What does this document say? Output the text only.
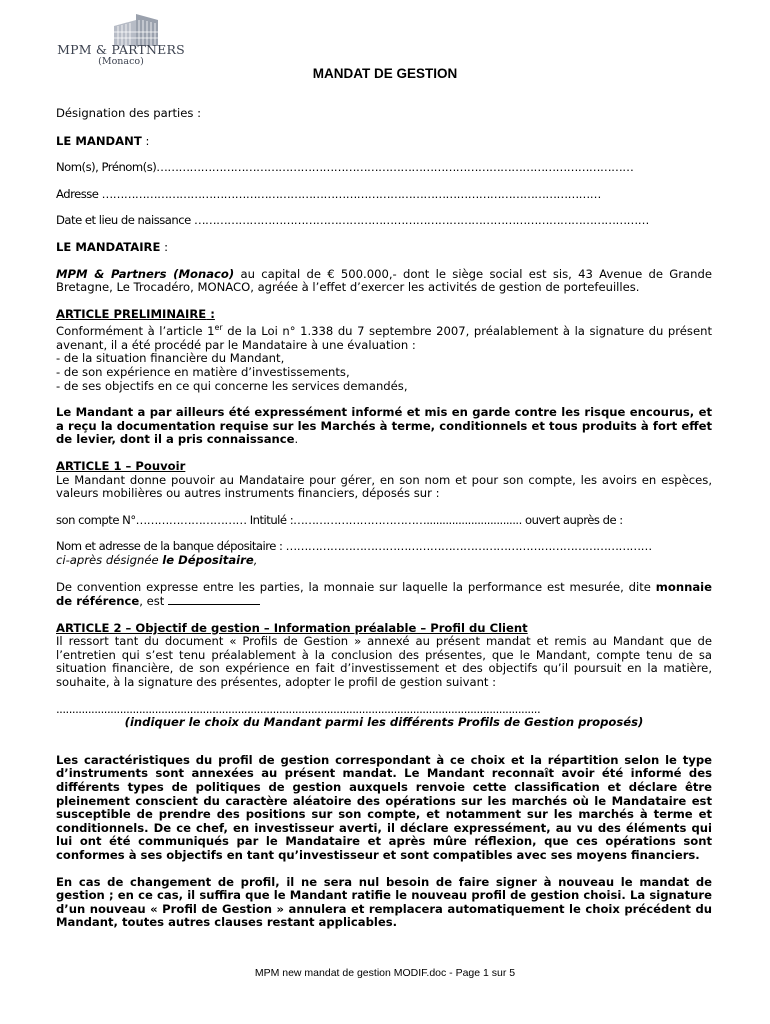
MPM & PARTNERS
(Monaco)
MANDAT DE GESTION

Désignation des parties :

LE MANDANT :

Nom(s), Prénom(s)…………………………………………………………………………………………………………………

Adresse ………………………………………………………………………………………………………………………

Date et lieu de naissance ……………………………………………………………………………………………………………

LE MANDATAIRE :

MPM & Partners (Monaco) au capital de € 500.000,- dont le siège social est sis, 43 Avenue de Grande Bretagne, Le Trocadéro, MONACO, agréée à l’effet d’exercer les activités de gestion de portefeuilles.

ARTICLE PRELIMINAIRE :

Conformément à l’article 1er de la Loi n° 1.338 du 7 septembre 2007, préalablement à la signature du présent avenant, il a été procédé par le Mandataire à une évaluation :

- de la situation financière du Mandant,

- de son expérience en matière d’investissements,

- de ses objectifs en ce qui concerne les services demandés,

Le Mandant a par ailleurs été expressément informé et mis en garde contre les risque encourus, et a reçu la documentation requise sur les Marchés à terme, conditionnels et tous produits à fort effet de levier, dont il a pris connaissance.

ARTICLE 1 – Pouvoir

Le Mandant donne pouvoir au Mandataire pour gérer, en son nom et pour son compte, les avoirs en espèces, valeurs mobilières ou autres instruments financiers, déposés sur :

son compte N°………………………… Intitulé :……………………………….............................. ouvert auprès de :

Nom et adresse de la banque dépositaire : ………………………………………………………………………………………

ci-après désignée le Dépositaire,

De convention expresse entre les parties, la monnaie sur laquelle la performance est mesurée, dite monnaie de référence, est

ARTICLE 2 – Objectif de gestion – Information préalable – Profil du Client

Il ressort tant du document « Profils de Gestion » annexé au présent mandat et remis au Mandant que de l’entretien qui s’est tenu préalablement à la conclusion des présentes, que le Mandant, compte tenu de sa situation financière, de son expérience en fait d’investissement et des objectifs qu’il poursuit en la matière, souhaite, à la signature des présentes, adopter le profil de gestion suivant :

........................................................................................................................................................

(indiquer le choix du Mandant parmi les différents Profils de Gestion proposés)

Les caractéristiques du profil de gestion correspondant à ce choix et la répartition selon le type d’instruments sont annexées au présent mandat. Le Mandant reconnaît avoir été informé des différents types de politiques de gestion auxquels renvoie cette classification et déclare être pleinement conscient du caractère aléatoire des opérations sur les marchés où le Mandataire est susceptible de prendre des positions sur son compte, et notamment sur les marchés à terme et conditionnels. De ce chef, en investisseur averti, il déclare expressément, au vu des éléments qui lui ont été communiqués par le Mandataire et après mûre réflexion, que ces opérations sont conformes à ses objectifs en tant qu’investisseur et sont compatibles avec ses moyens financiers.

En cas de changement de profil, il ne sera nul besoin de faire signer à nouveau le mandat de gestion ; en ce cas, il suffira que le Mandant ratifie le nouveau profil de gestion choisi. La signature d’un nouveau « Profil de Gestion » annulera et remplacera automatiquement le choix précédent du Mandant, toutes autres clauses restant applicables.

MPM new mandat de gestion MODIF.doc - Page 1 sur 5
